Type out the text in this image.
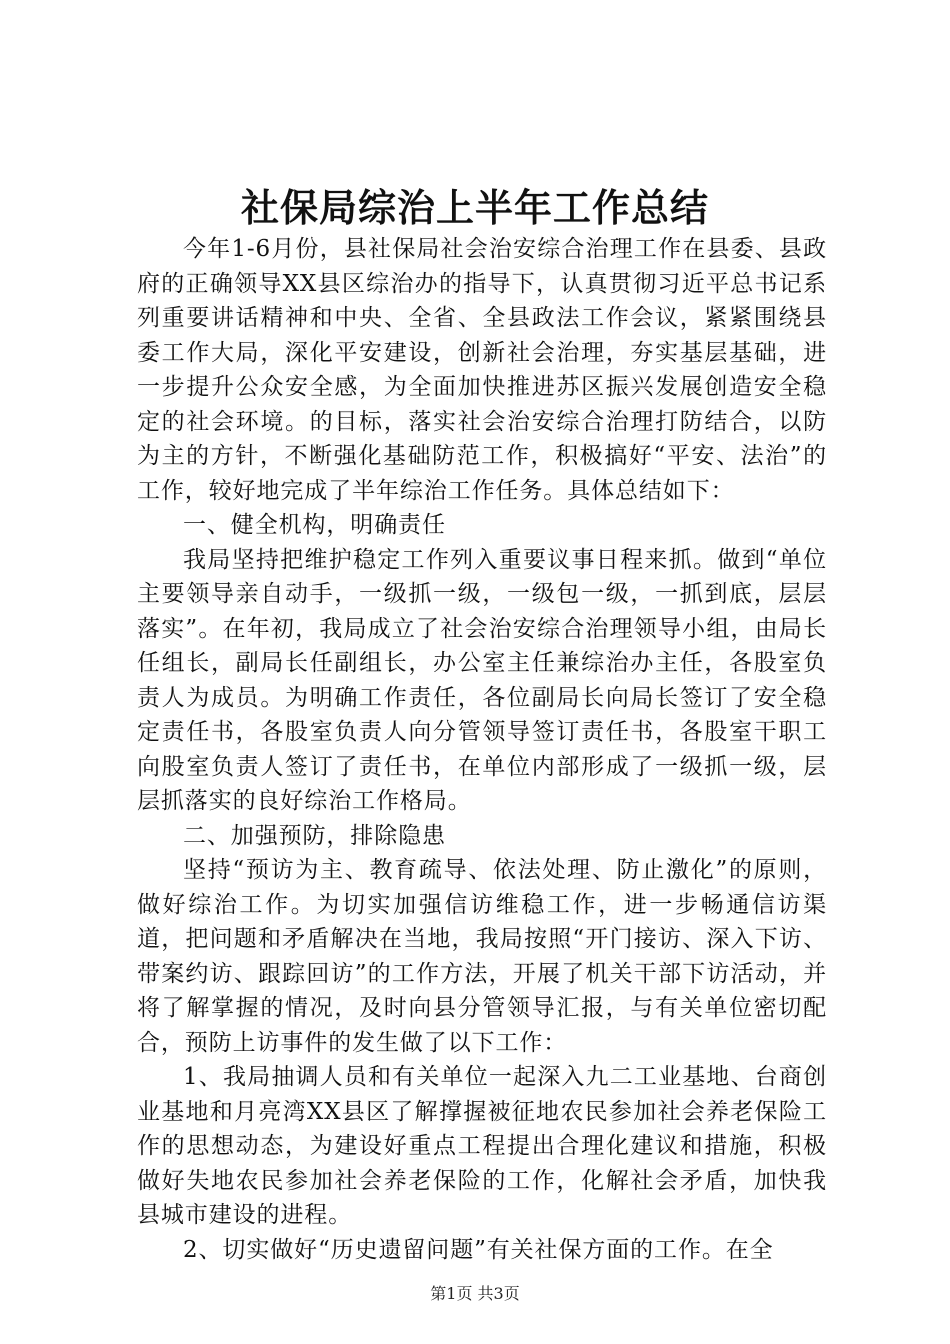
社保局综治上半年工作总结

今年1-6月份，县社保局社会治安综合治理工作在县委、县政府的正确领导XX县区综治办的指导下，认真贯彻习近平总书记系列重要讲话精神和中央、全省、全县政法工作会议，紧紧围绕县委工作大局，深化平安建设，创新社会治理，夯实基层基础，进一步提升公众安全感，为全面加快推进苏区振兴发展创造安全稳定的社会环境。的目标，落实社会治安综合治理打防结合，以防为主的方针，不断强化基础防范工作，积极搞好“平安、法治”的工作，较好地完成了半年综治工作任务。具体总结如下：

一、健全机构，明确责任

我局坚持把维护稳定工作列入重要议事日程来抓。做到“单位主要领导亲自动手，一级抓一级，一级包一级，一抓到底，层层落实”。在年初，我局成立了社会治安综合治理领导小组，由局长任组长，副局长任副组长，办公室主任兼综治办主任，各股室负责人为成员。为明确工作责任，各位副局长向局长签订了安全稳定责任书，各股室负责人向分管领导签订责任书，各股室干职工向股室负责人签订了责任书，在单位内部形成了一级抓一级，层层抓落实的良好综治工作格局。

二、加强预防，排除隐患

坚持“预访为主、教育疏导、依法处理、防止激化”的原则，做好综治工作。为切实加强信访维稳工作，进一步畅通信访渠道，把问题和矛盾解决在当地，我局按照“开门接访、深入下访、带案约访、跟踪回访”的工作方法，开展了机关干部下访活动，并将了解掌握的情况，及时向县分管领导汇报，与有关单位密切配合，预防上访事件的发生做了以下工作：

1、我局抽调人员和有关单位一起深入九二工业基地、台商创业基地和月亮湾XX县区了解撑握被征地农民参加社会养老保险工作的思想动态，为建设好重点工程提出合理化建议和措施，积极做好失地农民参加社会养老保险的工作，化解社会矛盾，加快我县城市建设的进程。

2、切实做好“历史遗留问题”有关社保方面的工作。在全

第1页 共3页
